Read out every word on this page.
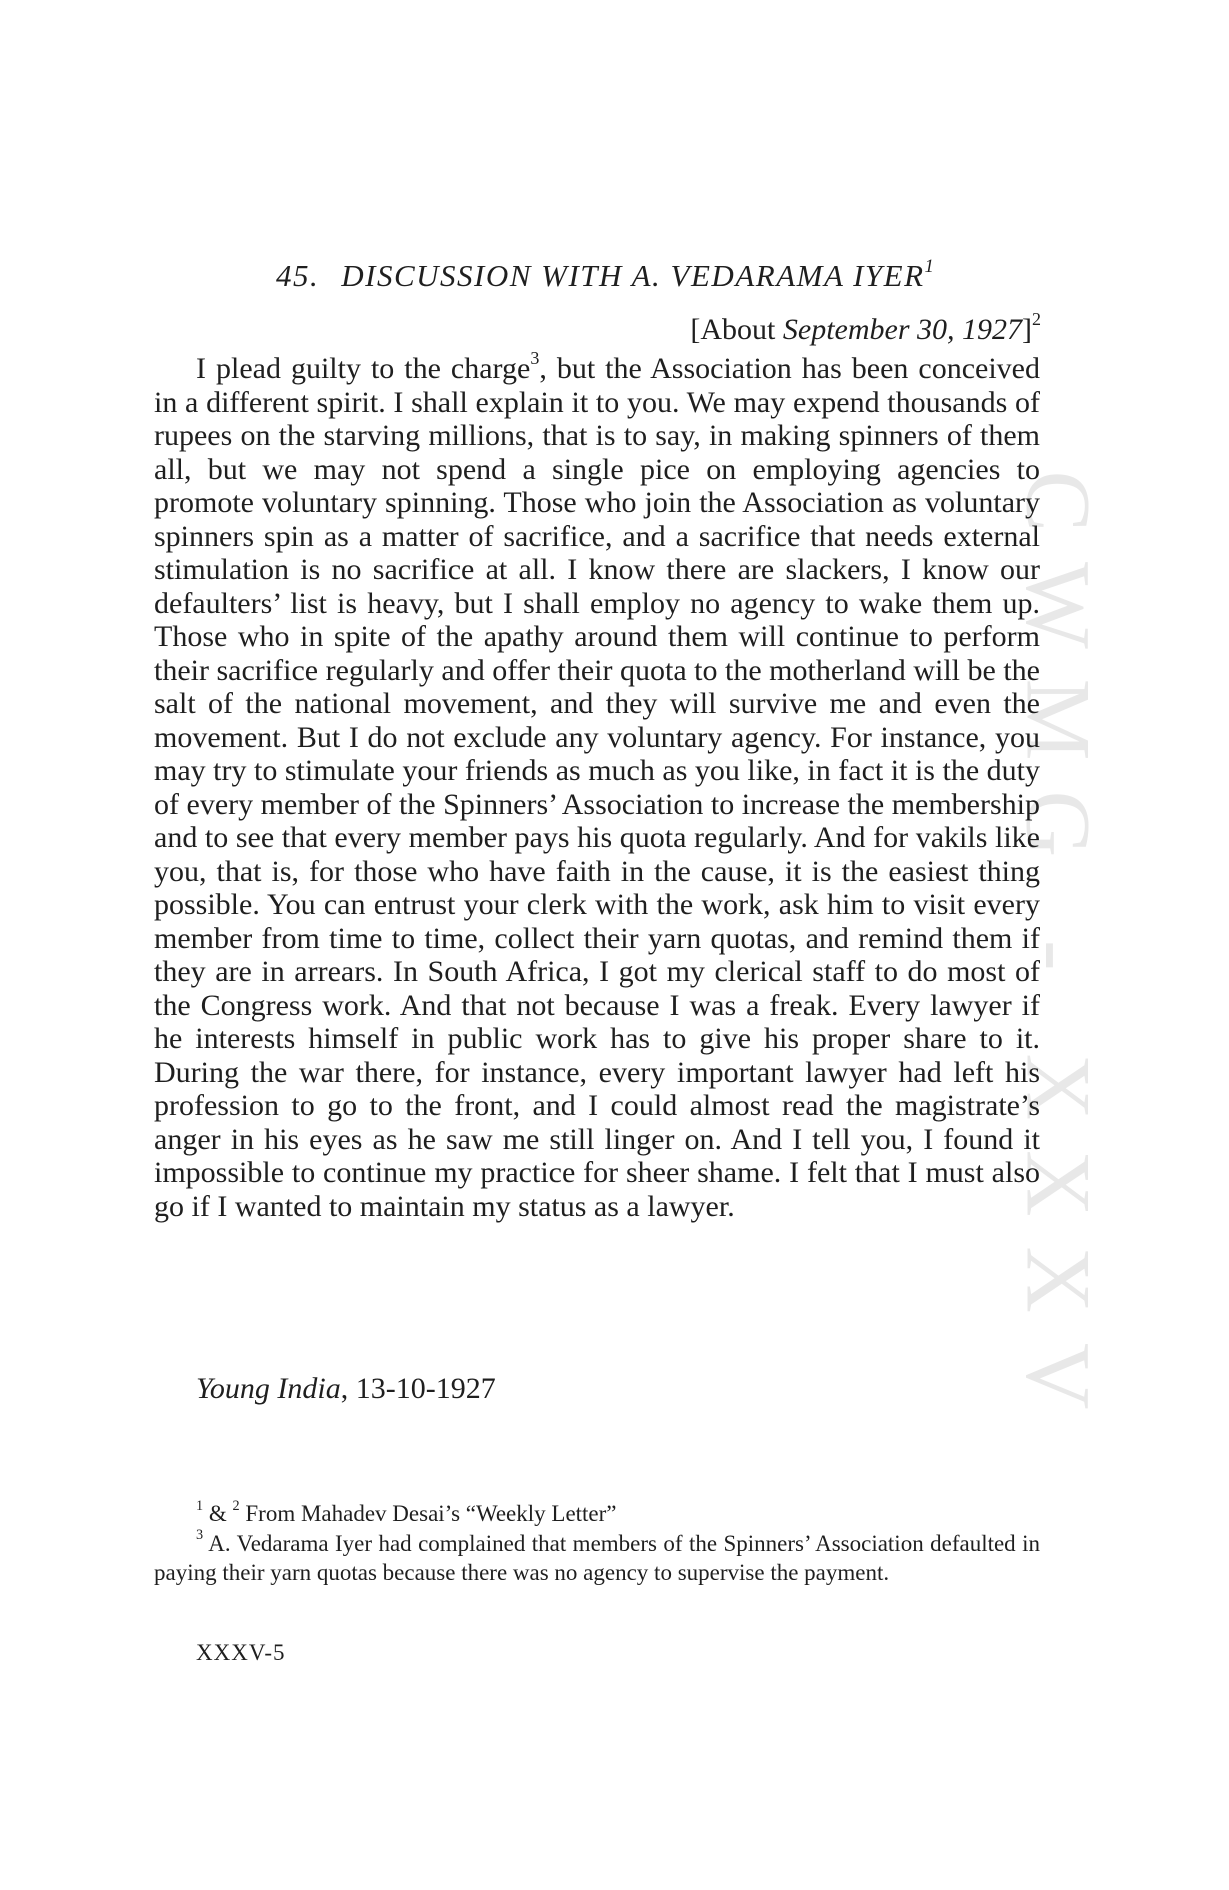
CWMG - XXXV
45. DISCUSSION WITH A. VEDARAMA IYER$^1$
[About September 30, 1927]$^2$

I plead guilty to the charge$^3$, but the Association has been conceived in a different spirit. I shall explain it to you. We may expend thousands of rupees on the starving millions, that is to say, in making spinners of them all, but we may not spend a single pice on employing agencies to promote voluntary spinning. Those who join the Association as voluntary spinners spin as a matter of sacrifice, and a sacrifice that needs external stimulation is no sacrifice at all. I know there are slackers, I know our defaulters’ list is heavy, but I shall employ no agency to wake them up. Those who in spite of the apathy around them will continue to perform their sacrifice regularly and offer their quota to the motherland will be the salt of the national movement, and they will survive me and even the movement. But I do not exclude any voluntary agency. For instance, you may try to stimulate your friends as much as you like, in fact it is the duty of every member of the Spinners’ Association to increase the membership and to see that every member pays his quota regularly. And for vakils like you, that is, for those who have faith in the cause, it is the easiest thing possible. You can entrust your clerk with the work, ask him to visit every member from time to time, collect their yarn quotas, and remind them if they are in arrears. In South Africa, I got my clerical staff to do most of the Congress work. And that not because I was a freak. Every lawyer if he interests himself in public work has to give his proper share to it. During the war there, for instance, every important lawyer had left his profession to go to the front, and I could almost read the magistrate’s anger in his eyes as he saw me still linger on. And I tell you, I found it impossible to continue my practice for sheer shame. I felt that I must also go if I wanted to maintain my status as a lawyer.

Young India, 13-10-1927

$^1$ & $^2$ From Mahadev Desai’s “Weekly Letter”

$^3$ A. Vedarama Iyer had complained that members of the Spinners’ Association defaulted in paying their yarn quotas because there was no agency to supervise the payment.

XXXV-5
